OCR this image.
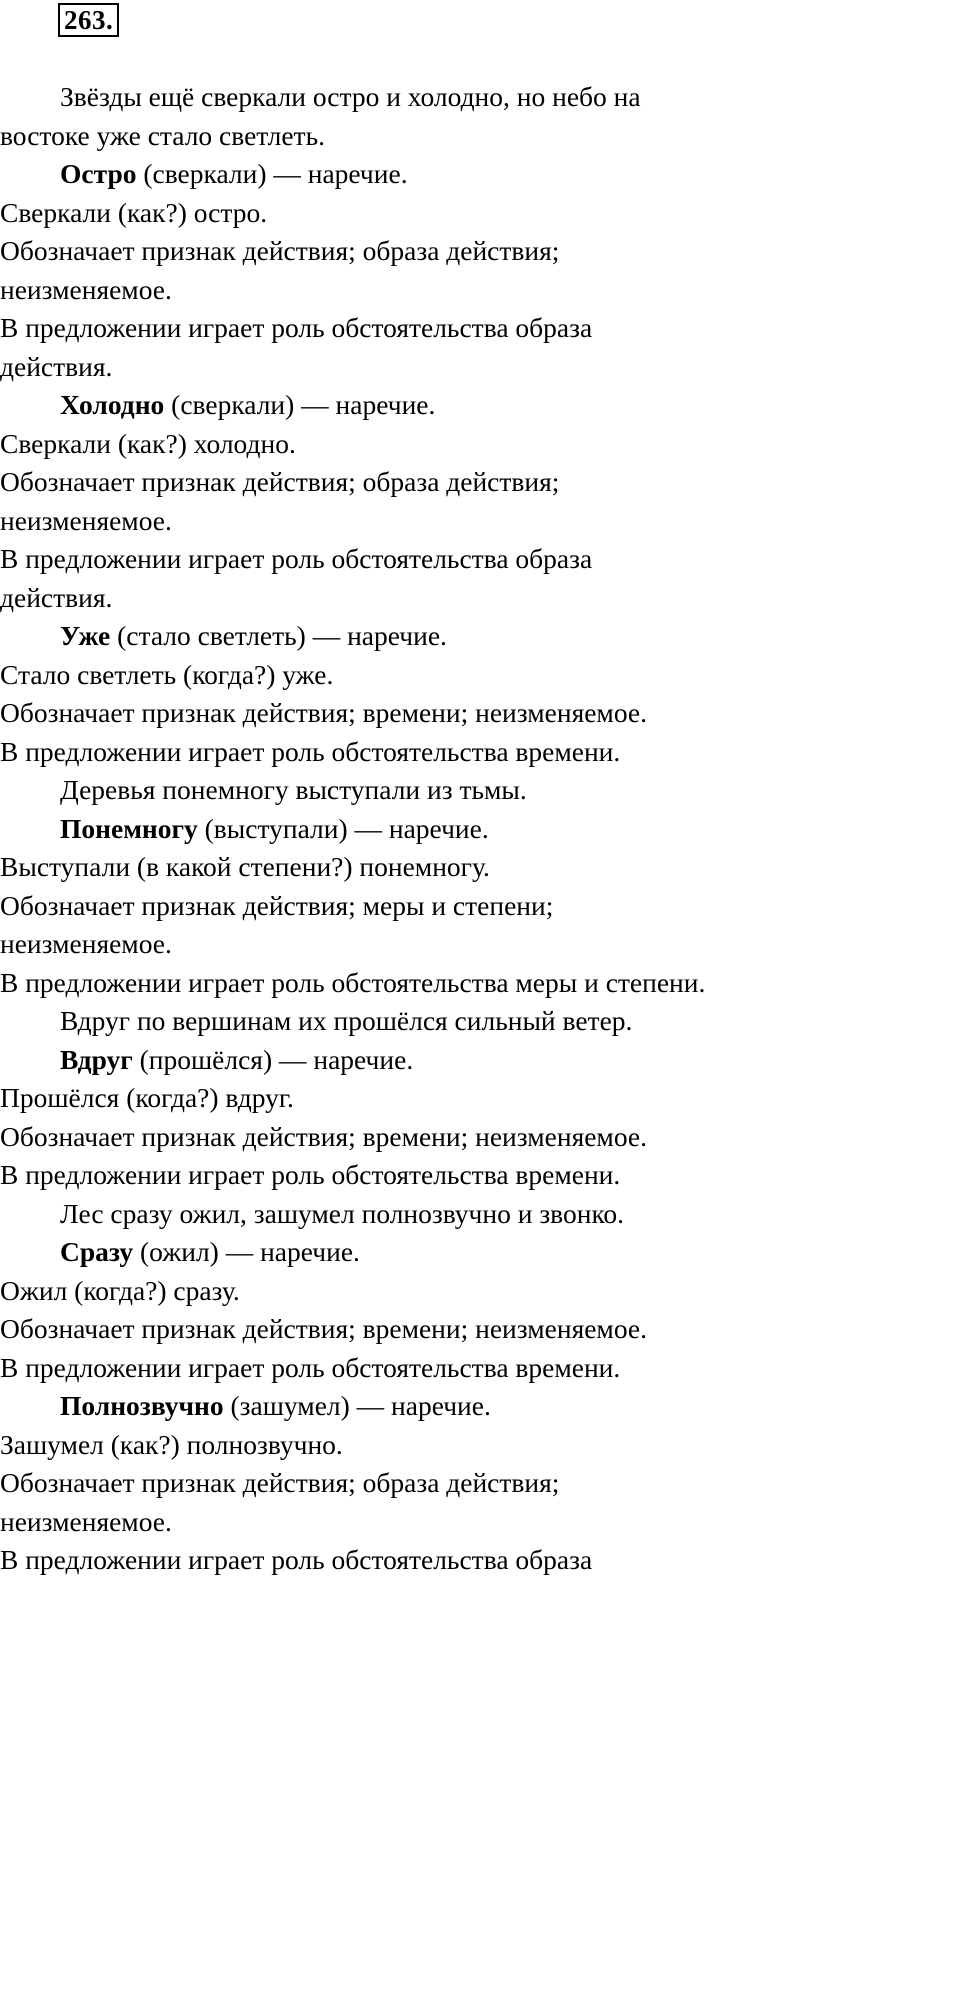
263.
Звёзды ещё сверкали остро и холодно, но небо на
востоке уже стало светлеть.
Остро (сверкали) — наречие.
Сверкали (как?) остро.
Обозначает признак действия; образа действия;
неизменяемое.
В предложении играет роль обстоятельства образа
действия.
Холодно (сверкали) — наречие.
Сверкали (как?) холодно.
Обозначает признак действия; образа действия;
неизменяемое.
В предложении играет роль обстоятельства образа
действия.
Уже (стало светлеть) — наречие.
Стало светлеть (когда?) уже.
Обозначает признак действия; времени; неизменяемое.
В предложении играет роль обстоятельства времени.
Деревья понемногу выступали из тьмы.
Понемногу (выступали) — наречие.
Выступали (в какой степени?) понемногу.
Обозначает признак действия; меры и степени;
неизменяемое.
В предложении играет роль обстоятельства меры и степени.
Вдруг по вершинам их прошёлся сильный ветер.
Вдруг (прошёлся) — наречие.
Прошёлся (когда?) вдруг.
Обозначает признак действия; времени; неизменяемое.
В предложении играет роль обстоятельства времени.
Лес сразу ожил, зашумел полнозвучно и звонко.
Сразу (ожил) — наречие.
Ожил (когда?) сразу.
Обозначает признак действия; времени; неизменяемое.
В предложении играет роль обстоятельства времени.
Полнозвучно (зашумел) — наречие.
Зашумел (как?) полнозвучно.
Обозначает признак действия; образа действия;
неизменяемое.
В предложении играет роль обстоятельства образа
